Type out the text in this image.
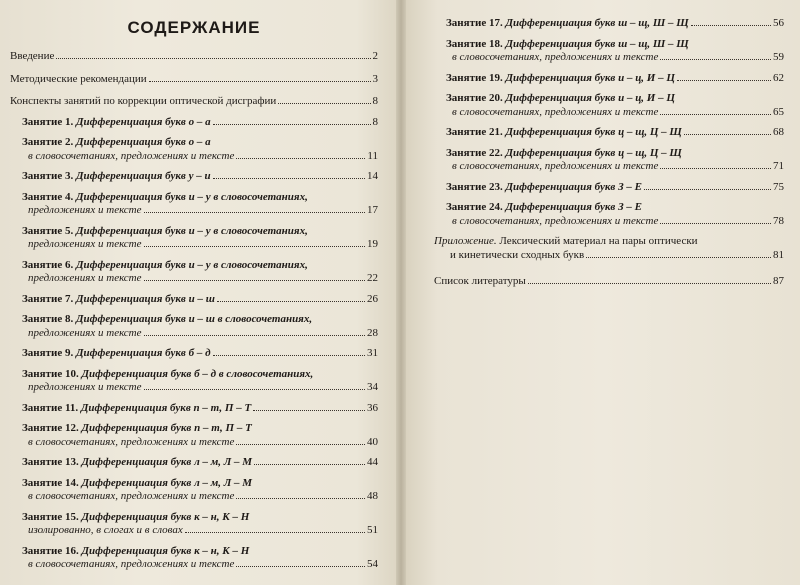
СОДЕРЖАНИЕ
Введение	2
Методические рекомендации	3
Конспекты занятий по коррекции оптической дисграфии	8
Занятие 1. Дифференциация букв о – а	8
Занятие 2. Дифференциация букв о – а
в словосочетаниях, предложениях и тексте	11
Занятие 3. Дифференциация букв у – и	14
Занятие 4. Дифференциация букв и – у в словосочетаниях,
предложениях и тексте	17
Занятие 5. Дифференциация букв и – у в словосочетаниях,
предложениях и тексте	19
Занятие 6. Дифференциация букв и – у в словосочетаниях,
предложениях и тексте	22
Занятие 7. Дифференциация букв и – ш	26
Занятие 8. Дифференциация букв и – ш в словосочетаниях,
предложениях и тексте	28
Занятие 9. Дифференциация букв б – д	31
Занятие 10. Дифференциация букв б – д в словосочетаниях,
предложениях и тексте	34
Занятие 11. Дифференциация букв п – т, П – Т	36
Занятие 12. Дифференциация букв п – т, П – Т
в словосочетаниях, предложениях и тексте	40
Занятие 13. Дифференциация букв л – м, Л – М	44
Занятие 14. Дифференциация букв л – м, Л – М
в словосочетаниях, предложениях и тексте	48
Занятие 15. Дифференциация букв к – н, К – Н
изолированно, в слогах и в словах	51
Занятие 16. Дифференциация букв к – н, К – Н
в словосочетаниях, предложениях и тексте	54
Занятие 17. Дифференциация букв ш – щ, Ш – Щ	56
Занятие 18. Дифференциация букв ш – щ, Ш – Щ
в словосочетаниях, предложениях и тексте	59
Занятие 19. Дифференциация букв и – ц, И – Ц	62
Занятие 20. Дифференциация букв и – ц, И – Ц
в словосочетаниях, предложениях и тексте	65
Занятие 21. Дифференциация букв ц – щ, Ц – Щ	68
Занятие 22. Дифференциация букв ц – щ, Ц – Щ
в словосочетаниях, предложениях и тексте	71
Занятие 23. Дифференциация букв З – Е	75
Занятие 24. Дифференциация букв З – Е
в словосочетаниях, предложениях и тексте	78
Приложение. Лексический материал на пары оптически
и кинетически сходных букв	81
Список литературы	87
